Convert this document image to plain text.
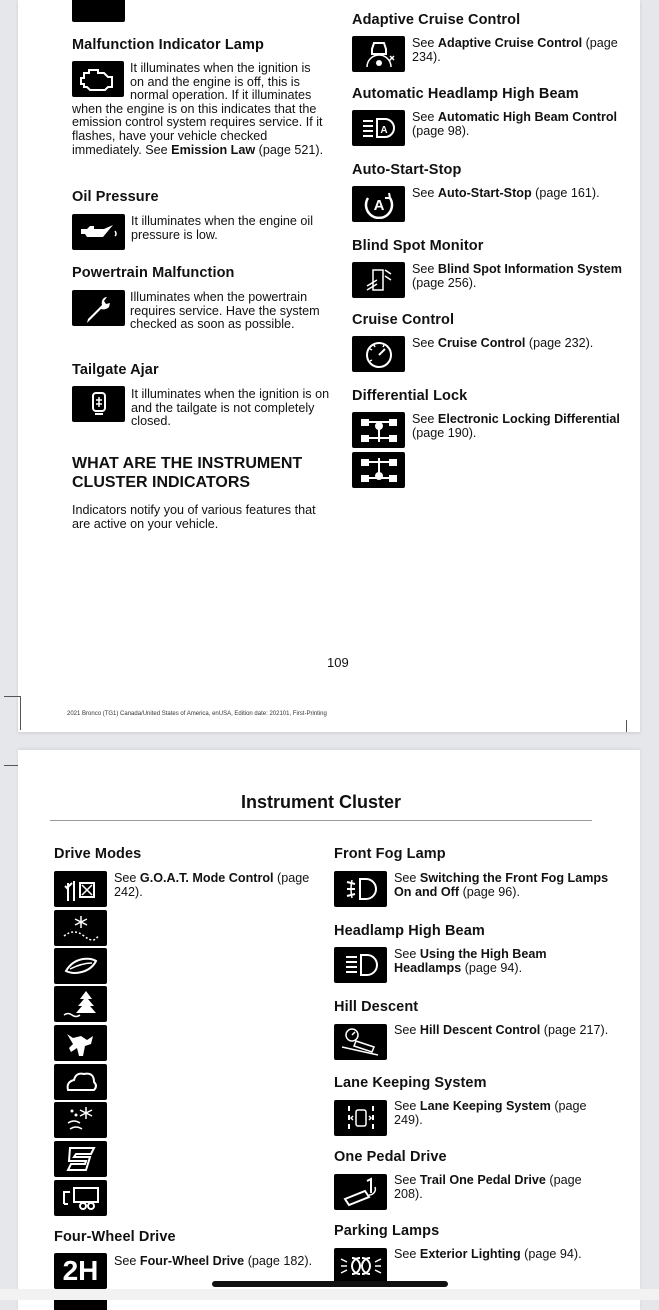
Malfunction Indicator Lamp
It illuminates when the ignition is on and the engine is off, this is normal operation. If it illuminates when the engine is on this indicates that the emission control system requires service. If it flashes, have your vehicle checked immediately. See Emission Law (page 521).
Oil Pressure
It illuminates when the engine oil pressure is low.
Powertrain Malfunction
Illuminates when the powertrain requires service. Have the system checked as soon as possible.
Tailgate Ajar
It illuminates when the ignition is on and the tailgate is not completely closed.
WHAT ARE THE INSTRUMENT CLUSTER INDICATORS
Indicators notify you of various features that are active on your vehicle.
Adaptive Cruise Control
See Adaptive Cruise Control (page 234).
Automatic Headlamp High Beam
A
See Automatic High Beam Control (page 98).
Auto-Start-Stop
A
See Auto-Start-Stop (page 161).
Blind Spot Monitor
See Blind Spot Information System (page 256).
Cruise Control
See Cruise Control (page 232).
Differential Lock
See Electronic Locking Differential (page 190).
109
2021 Bronco (TG1) Canada/United States of America, enUSA, Edition date: 202101, First-Printing
Instrument Cluster
Drive Modes
See G.O.A.T. Mode Control (page 242).
Four-Wheel Drive
2H See Four-Wheel Drive (page 182).
Front Fog Lamp
See Switching the Front Fog Lamps On and Off (page 96).
Headlamp High Beam
See Using the High Beam Headlamps (page 94).
Hill Descent
See Hill Descent Control (page 217).
Lane Keeping System
See Lane Keeping System (page 249).
One Pedal Drive
See Trail One Pedal Drive (page 208).
Parking Lamps
See Exterior Lighting (page 94).
